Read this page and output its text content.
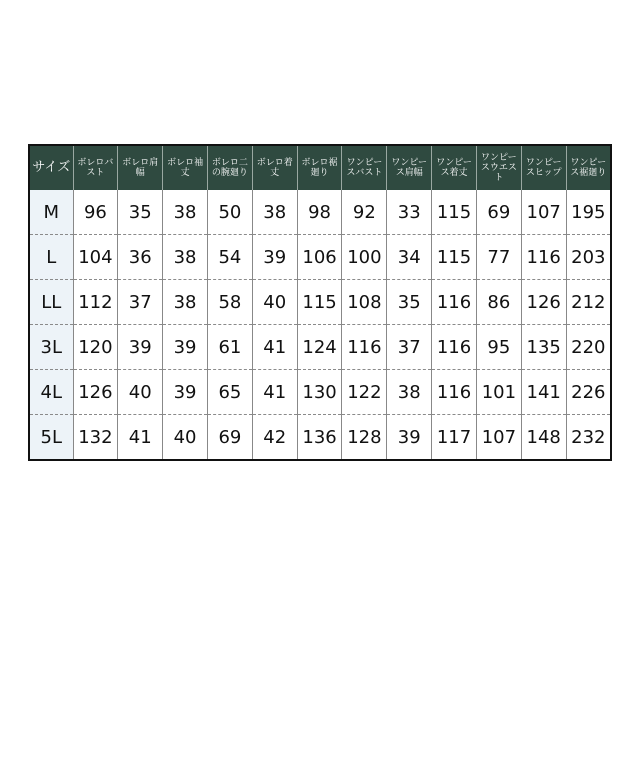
サイズ	ボレロバスト	ボレロ肩幅	ボレロ袖丈	ボレロ二の腕廻り	ボレロ着丈	ボレロ裾廻り	ワンピースバスト	ワンピース肩幅	ワンピース着丈	ワンピースウエスト	ワンピースヒップ	ワンピース裾廻り
M	96	35	38	50	38	98	92	33	115	69	107	195
L	104	36	38	54	39	106	100	34	115	77	116	203
LL	112	37	38	58	40	115	108	35	116	86	126	212
3L	120	39	39	61	41	124	116	37	116	95	135	220
4L	126	40	39	65	41	130	122	38	116	101	141	226
5L	132	41	40	69	42	136	128	39	117	107	148	232
